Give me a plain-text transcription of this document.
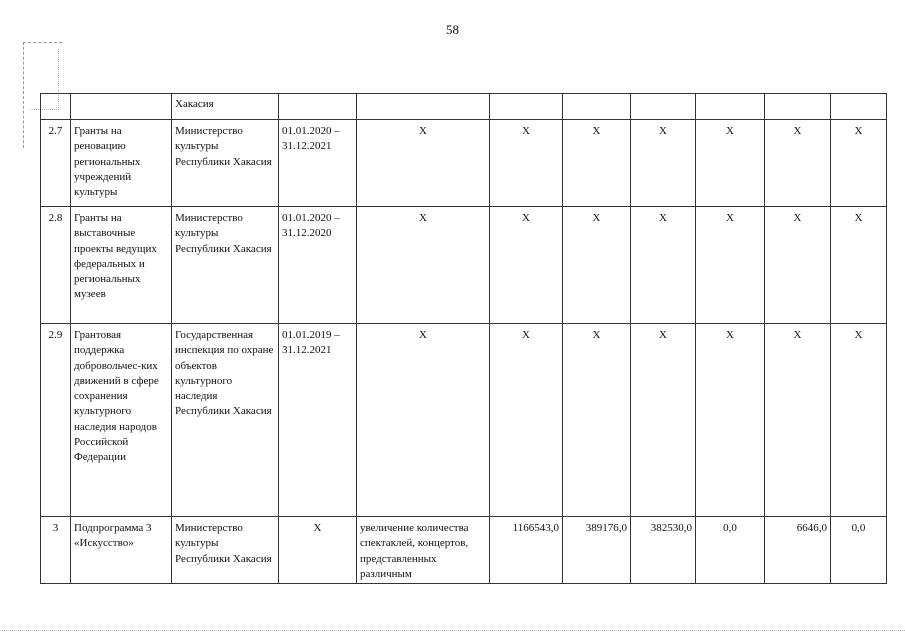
58
		Хакасия								
2.7	Гранты на реновацию региональных учреждений культуры	Министерство культуры Республики Хакасия	01.01.2020 – 31.12.2021	Х	Х	Х	Х	Х	Х	Х
2.8	Гранты на выставочные проекты ведущих федеральных и региональных музеев	Министерство культуры Республики Хакасия	01.01.2020 – 31.12.2020	Х	Х	Х	Х	Х	Х	Х
2.9	Грантовая поддержка добровольчес-ких движений в сфере сохранения культурного наследия народов Российской Федерации	Государственная инспекция по охране объектов культурного наследия Республики Хакасия	01.01.2019 – 31.12.2021	Х	Х	Х	Х	Х	Х	Х
3	Подпрограмма 3 «Искусство»	Министерство культуры Республики Хакасия	Х	увеличение количества спектаклей, концертов, представленных различным	1166543,0	389176,0	382530,0	0,0	6646,0	0,0
